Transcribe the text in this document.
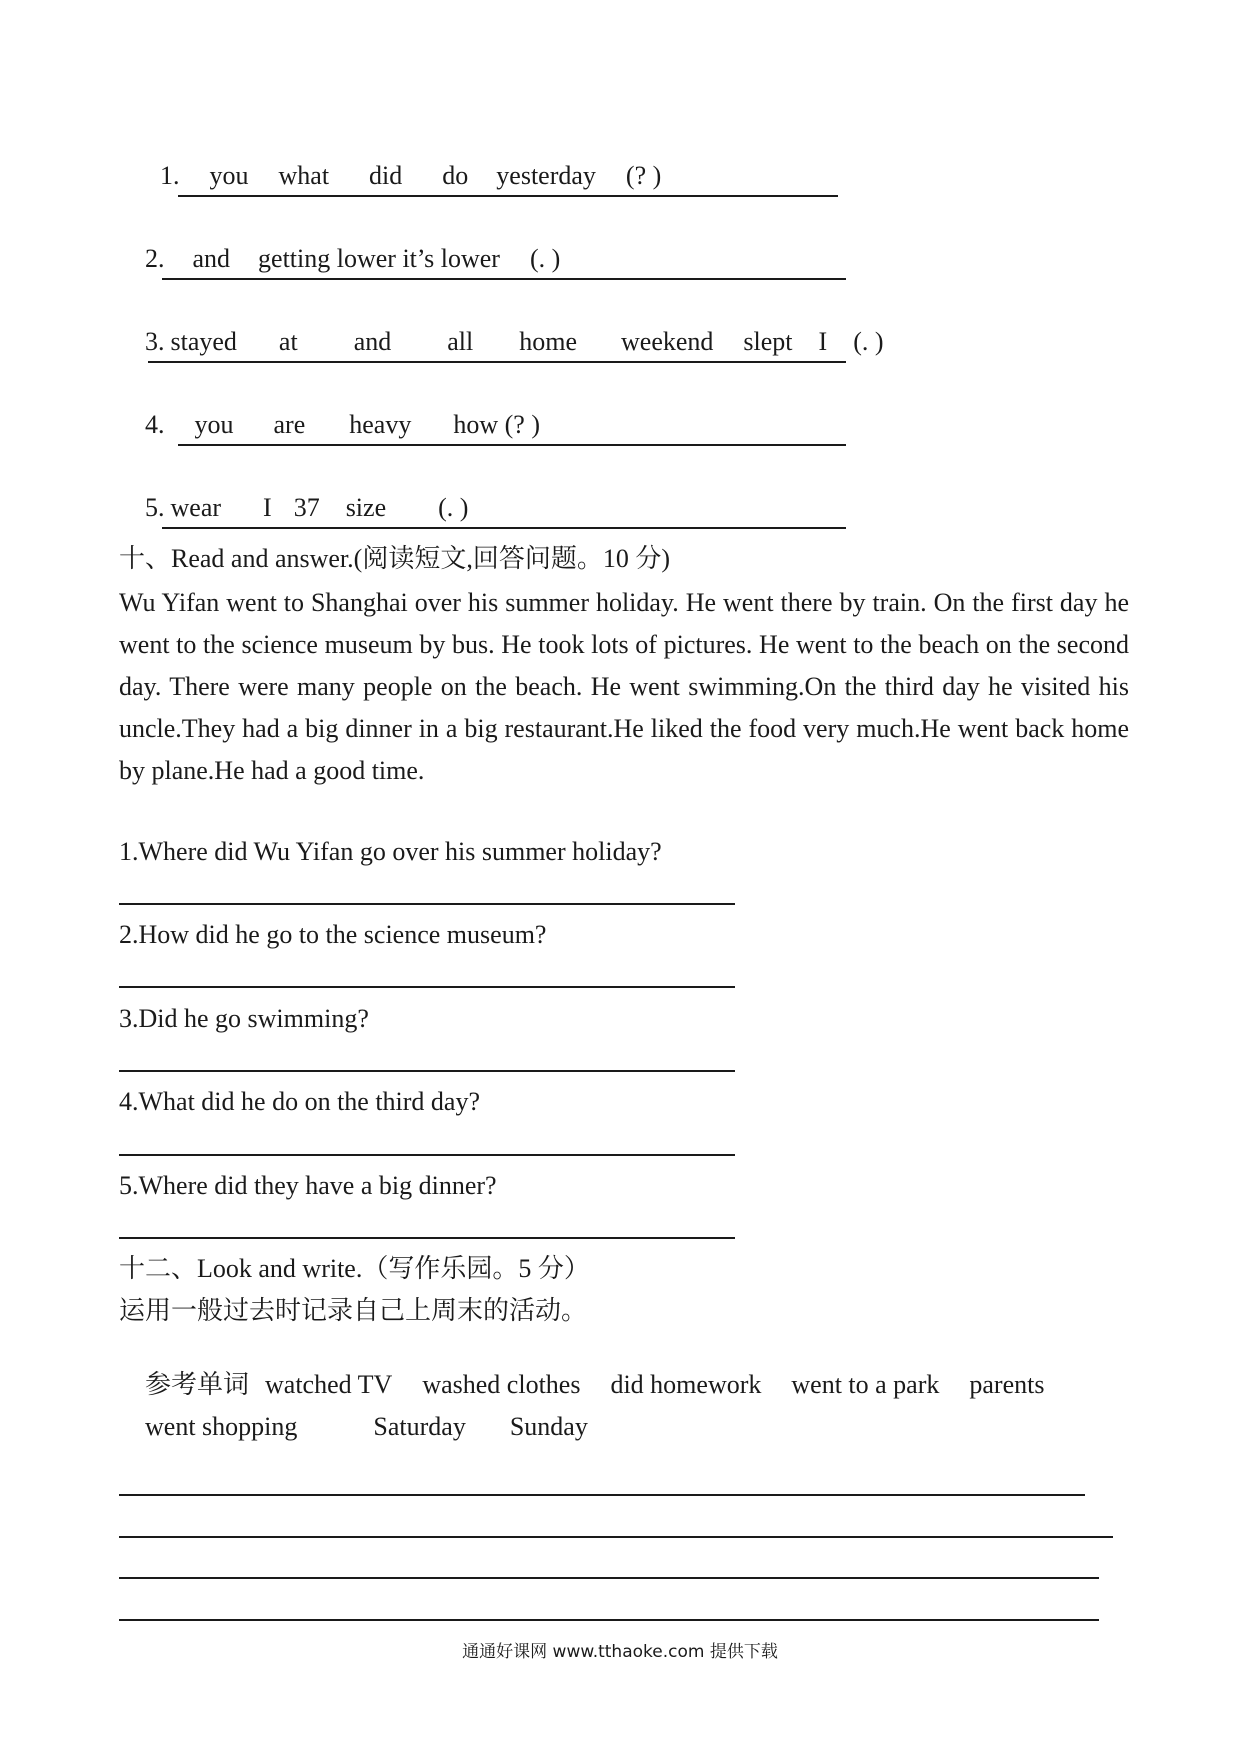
1. you what did do yesterday (? )

2. and getting lower it’s lower (. )

3. stayed at and all home weekend slept I (. )

4. you are heavy how (? )

5. wear I 37 size (. )

十、Read and answer.(阅读短文,回答问题。10 分)
Wu Yifan went to Shanghai over his summer holiday. He went there by train. On the first day he went to the science museum by bus. He took lots of pictures. He went to the beach on the second day. There were many people on the beach. He went swimming.On the third day he visited his uncle.They had a big dinner in a big restaurant.He liked the food very much.He went back home by plane.He had a good time.
1.Where did Wu Yifan go over his summer holiday?
2.How did he go to the science museum?
3.Did he go swimming?
4.What did he do on the third day?
5.Where did they have a big dinner?
十二、Look and write.（写作乐园。5 分）
运用一般过去时记录自己上周末的活动。

参考单词 watched TV washed clothes did homework went to a park parents

went shopping	Saturday Sunday

通通好课网 www.tthaoke.com 提供下载
